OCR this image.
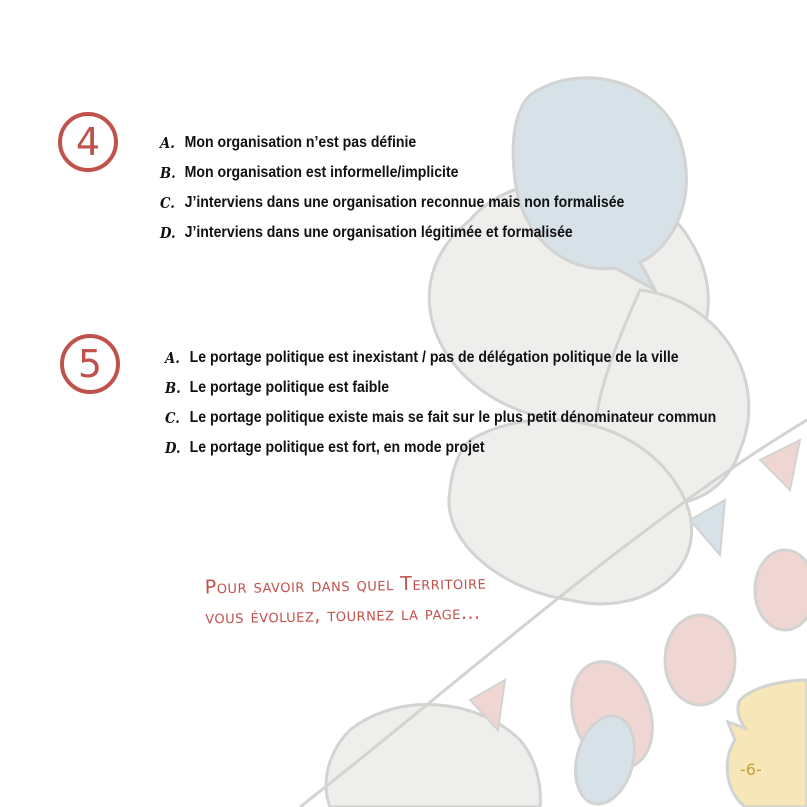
4	A. Mon organisation n’est pas définie
B. Mon organisation est informelle/implicite
C. J’interviens dans une organisation reconnue mais non formalisée
D. J’interviens dans une organisation légitimée et formalisée
5	A. Le portage politique est inexistant / pas de délégation politique de la ville
B. Le portage politique est faible
C. Le portage politique existe mais se fait sur le plus petit dénominateur commun
D. Le portage politique est fort, en mode projet
Pour savoir dans quel Territoire
vous évoluez, tournez la page...
-6-
